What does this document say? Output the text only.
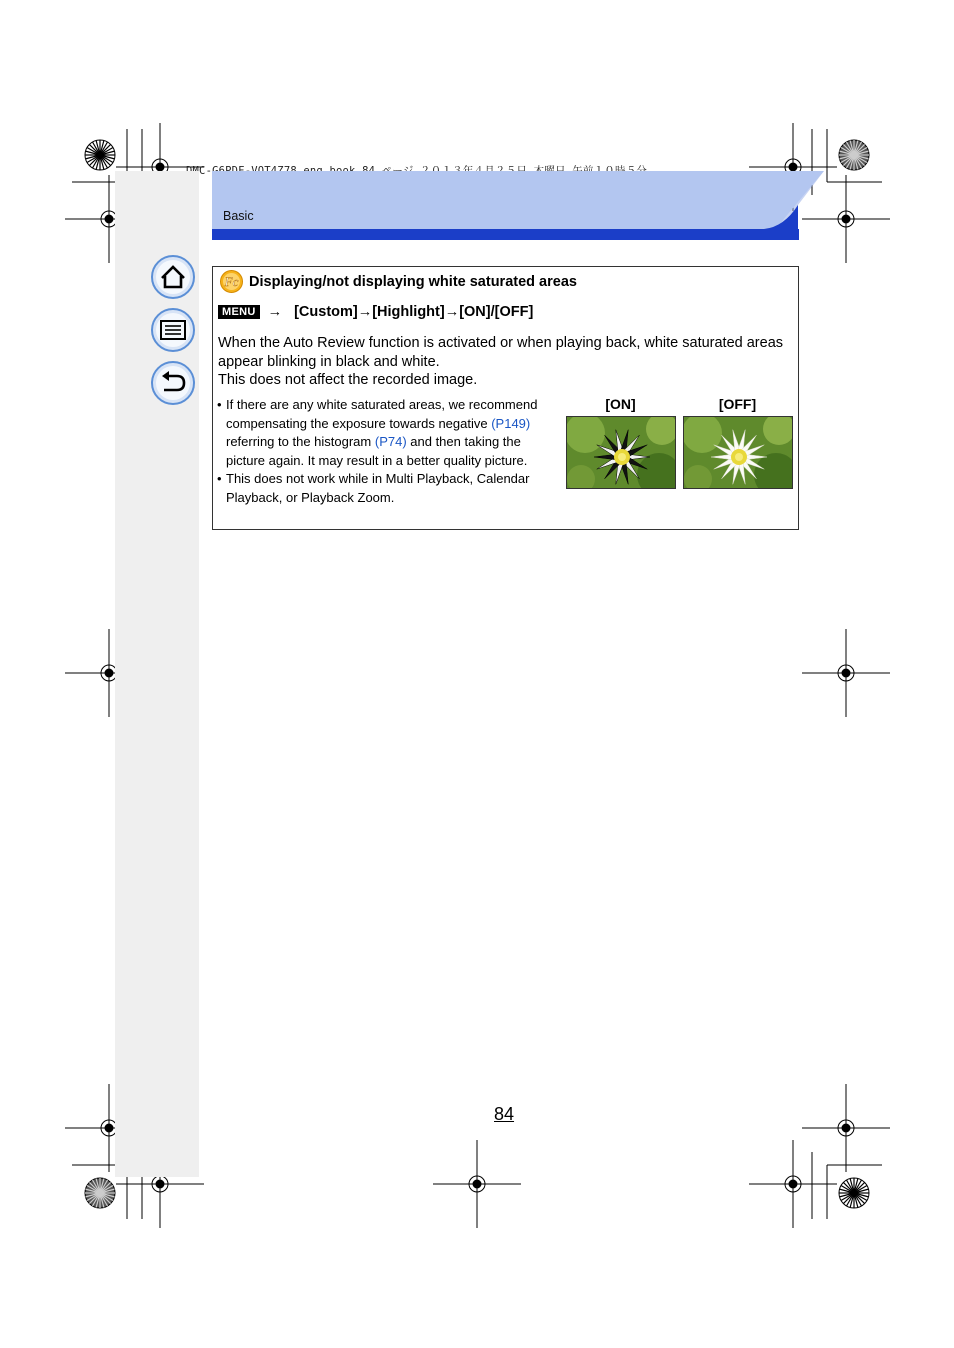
Basic
Fc Displaying/not displaying white saturated areas
MENU → [Custom]→[Highlight]→[ON]/[OFF]
When the Auto Review function is activated or when playing back, white saturated areas appear blinking in black and white.
This does not affect the recorded image.
• If there are any white saturated areas, we recommend compensating the exposure towards negative (P149) referring to the histogram (P74) and then taking the picture again. It may result in a better quality picture.
• This does not work while in Multi Playback, Calendar Playback, or Playback Zoom.
[ON]	[OFF]
84
